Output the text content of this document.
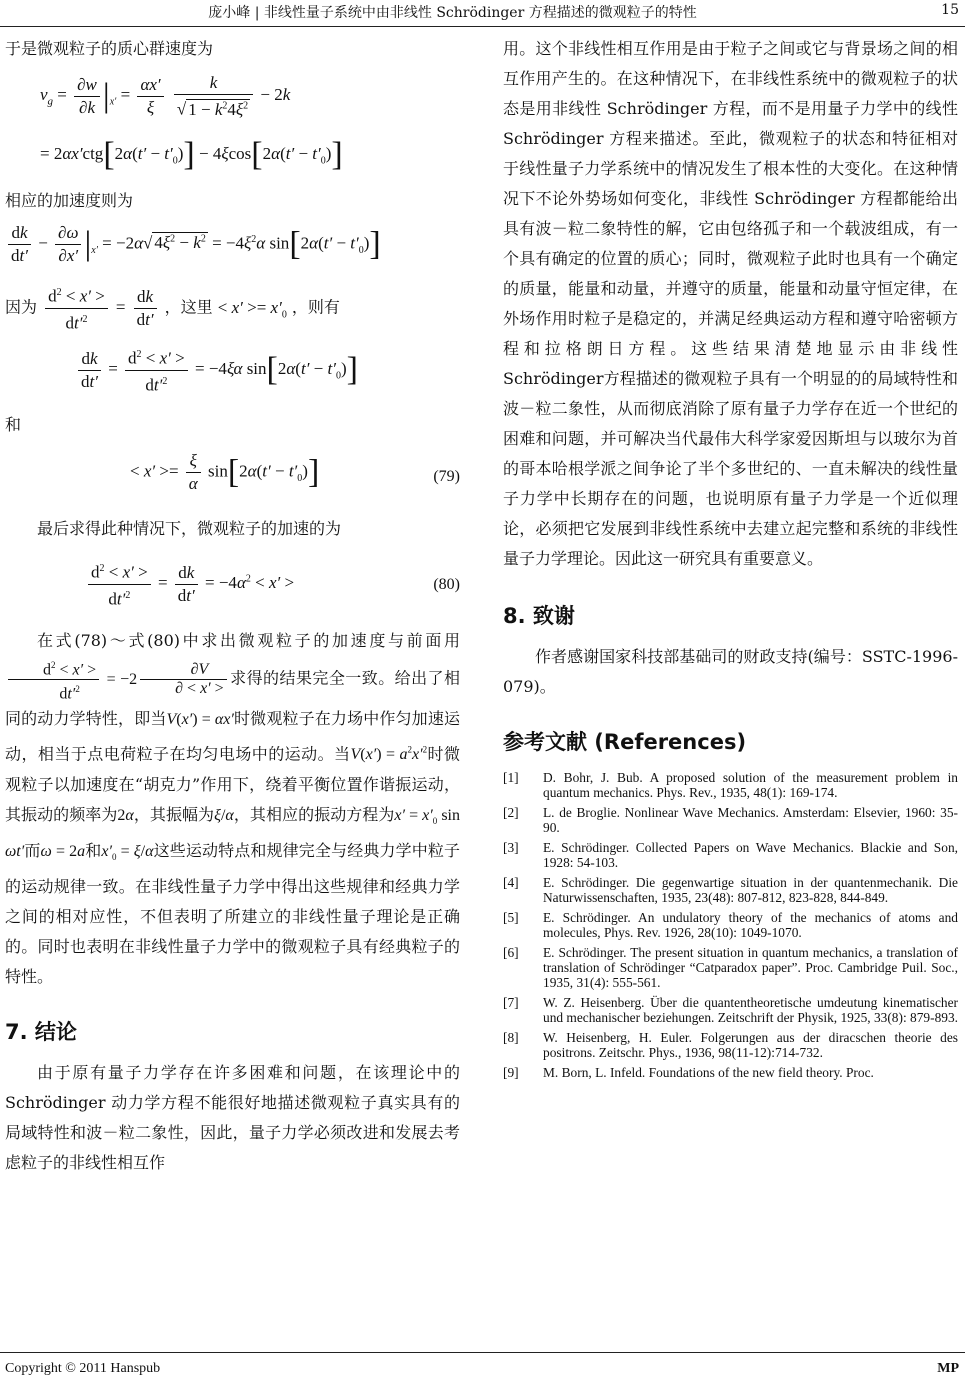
庞小峰 | 非线性量子系统中由非线性 Schrödinger 方程描述的微观粒子的特性	15

于是微观粒子的质心群速度为

$v_g = \frac{\partial w}{\partial k} |_{x'} = \frac{\alpha x'}{\xi}$
$\frac{k}{√ 1 - k^24\xi^2} - 2k$
= $2\alpha x'ctg[2\alpha(t' - t'_0)] - 4\xi\cos[2\alpha(t' - t'_0)]$

相应的加速度则为

$\frac{dk}{dt'} - \frac{\partial\omega}{\partial x'} |_{x'} = -2\alpha√$ $4\xi^2 - k^2 = -4\xi^2\alpha$ $\sin[2\alpha(t' - t'_0)]$
因为 $\frac{d^2 < x' >}{dt'^2} = \frac{dk}{dt'}$ ，这里 < $x' >= x'_0$ ，则有
$\frac{dk}{dt'} = \frac{d^2 < x' >}{dt'^2} = -4\xi\alpha$ $\sin[2\alpha(t' - t'_0)]$

和

< $x' >= \frac{\xi}{\alpha} \sin[2\alpha(t' - t'_0)]$	(79)

最后求得此种情况下，微观粒子的加速的为

$\frac{d^2 < x' >}{dt'^2} = \frac{dk}{dt'} = -4\alpha^2 < x'$ >	(80)

在式(78)～式(80)中求出微观粒子的加速度与前面用
$\frac{d^2 < x' >}{dt'^2} = -2 \frac{\partial V}{\partial < x' >}$ 求得的结果完全一致。给出了相同的动力学特性，即当V(x′) = αx′时微观粒子在力场中作匀加速运动，相当于点电荷粒子在均匀电场中的运动。当$V(x') = a^2x'^2$时微观粒子以加速度在“胡克力”作用下，绕着平衡位置作谐振运动，其振动的频率为2α，其振幅为ξ/α，其相应的振动方程为$x' = x'_0$ sin ωt′而ω = 2a和$x'_0 = \xi/\alpha$这些运动特点和规律完全与经典力学中粒子的运动规律一致。在非线性量子力学中得出这些规律和经典力学之间的相对应性，不但表明了所建立的非线性量子理论是正确的。同时也表明在非线性量子力学中的微观粒子具有经典粒子的特性。

7. 结论

由于原有量子力学存在许多困难和问题，在该理论中的 Schrödinger 动力学方程不能很好地描述微观粒子真实具有的局域特性和波－粒二象性，因此，量子力学必须改进和发展去考虑粒子的非线性相互作

用。这个非线性相互作用是由于粒子之间或它与背景场之间的相互作用产生的。在这种情况下，在非线性系统中的微观粒子的状态是用非线性 Schrödinger 方程，而不是用量子力学中的线性 Schrödinger 方程来描述。至此，微观粒子的状态和特征相对于线性量子力学系统中的情况发生了根本性的大变化。在这种情况下不论外势场如何变化，非线性 Schrödinger 方程都能给出具有波－粒二象特性的解，它由包络孤子和一个载波组成，有一个具有确定的位置的质心；同时，微观粒子此时也具有一个确定的质量，能量和动量，并遵守的质量，能量和动量守恒定律，在外场作用时粒子是稳定的，并满足经典运动方程和遵守哈密顿方程和拉格朗日方程。这些结果清楚地显示由非线性 Schrödinger方程描述的微观粒子具有一个明显的的局域特性和波－粒二象性，从而彻底消除了原有量子力学存在近一个世纪的困难和问题，并可解决当代最伟大科学家爱因斯坦与以玻尔为首的哥本哈根学派之间争论了半个多世纪的、一直未解决的线性量子力学中长期存在的问题，也说明原有量子力学是一个近似理论，必须把它发展到非线性系统中去建立起完整和系统的非线性量子力学理论。因此这一研究具有重要意义。

8. 致谢

作者感谢国家科技部基础司的财政支持(编号：SSTC-1996-079)。

参考文献 (References)
[1] D. Bohr, J. Bub. A proposed solution of the measurement problem in quantum mechanics. Phys. Rev., 1935, 48(1): 169-174.
[2] L. de Broglie. Nonlinear Wave Mechanics. Amsterdam: Elsevier, 1960: 35-90.
[3] E. Schrödinger. Collected Papers on Wave Mechanics. Blackie and Son, 1928: 54-103.
[4] E. Schrödinger. Die gegenwartige situation in der quantenmechanik. Die Naturwissenschaften, 1935, 23(48): 807-812, 823-828, 844-849.
[5] E. Schrödinger. An undulatory theory of the mechanics of atoms and molecules, Phys. Rev. 1926, 28(10): 1049-1070.
[6] E. Schrödinger. The present situation in quantum mechanics, a translation of translation of Schrödinger “Catparadox paper”. Proc. Cambridge Puil. Soc., 1935, 31(4): 555-561.
[7] W. Z. Heisenberg. Über die quantentheoretische umdeutung kinematischer und mechanischer beziehungen. Zeitschrift der Physik, 1925, 33(8): 879-893.
[8] W. Heisenberg, H. Euler. Folgerungen aus der diracschen theorie des positrons. Zeitschr. Phys., 1936, 98(11-12):714-732.
[9] M. Born, L. Infeld. Foundations of the new field theory. Proc.
Copyright © 2011 Hanspub	MP
